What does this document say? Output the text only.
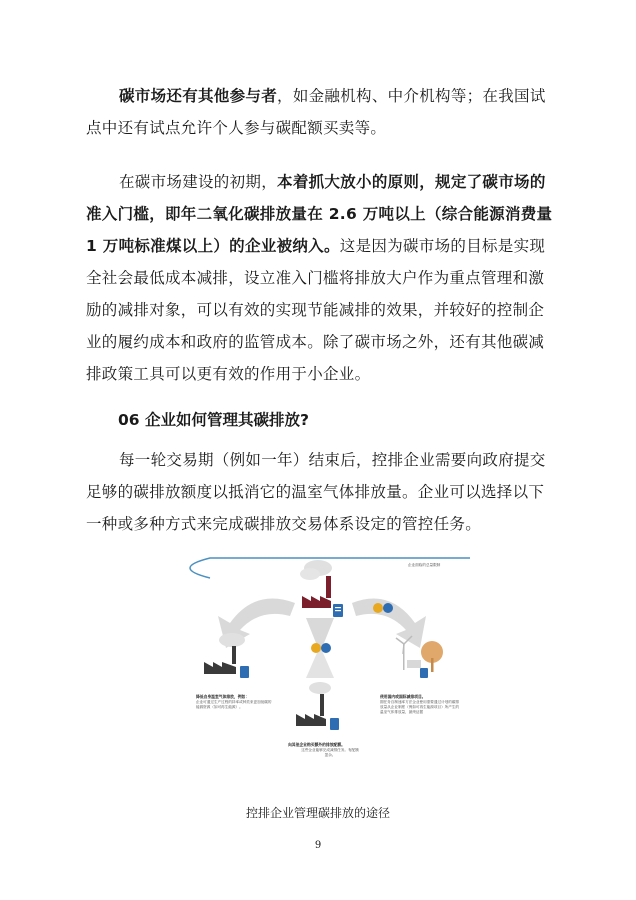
碳市场还有其他参与者，如金融机构、中介机构等；在我国试点中还有试点允许个人参与碳配额买卖等。

在碳市场建设的初期，本着抓大放小的原则，规定了碳市场的准入门槛，即年二氧化碳排放量在 2.6 万吨以上（综合能源消费量 1 万吨标准煤以上）的企业被纳入。这是因为碳市场的目标是实现全社会最低成本减排，设立准入门槛将排放大户作为重点管理和激励的减排对象，可以有效的实现节能减排的效果，并较好的控制企业的履约成本和政府的监管成本。除了碳市场之外，还有其他碳减排政策工具可以更有效的作用于小企业。

06 企业如何管理其碳排放?

每一轮交易期（例如一年）结束后，控排企业需要向政府提交足够的碳排放额度以抵消它的温室气体排放量。企业可以选择以下一种或多种方式来完成碳排放交易体系设定的管控任务。

企业面临的总量限制
降低自身温室气体排放，例如：
企业可通过生产过程的持率或种类来更加低碳的能源资源（如可再生能源）。
使用国内或国际减排项目。
期任务自制速率方法企业使用需要通过计划的碳排放量从企业制度（例如可再生能源项目）所产生的温室气体排放量，最终证据
向其他企业购买额外的排放配额。
这些企业能够完成减排任务。有配额盈余。
控排企业管理碳排放的途径
9
